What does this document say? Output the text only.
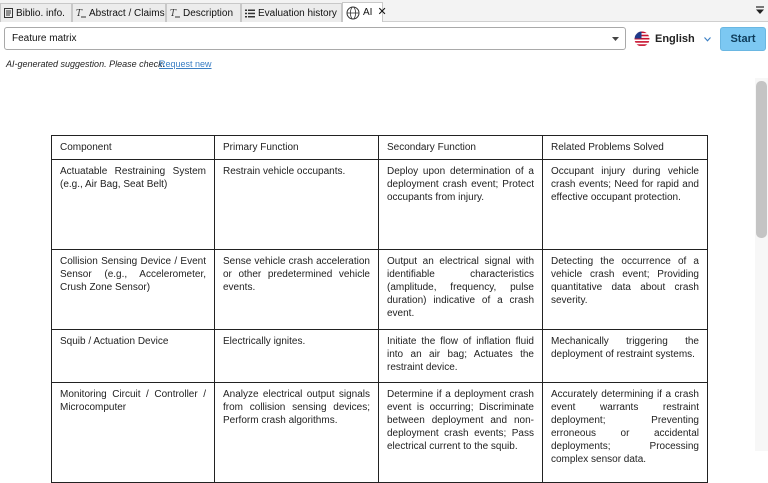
Biblio. info. T Abstract / Claims T Description Evaluation history	AI ✕
Feature matrix	English	Start
AI-generated suggestion. Please check.
Request new
Component	Primary Function	Secondary Function	Related Problems Solved
Actuatable Restraining System (e.g., Air Bag, Seat Belt)	Restrain vehicle occupants.	Deploy upon determination of a deployment crash event; Protect occupants from injury.	Occupant injury during vehicle crash events; Need for rapid and effective occupant protection.
Collision Sensing Device / Event Sensor (e.g., Accelerometer, Crush Zone Sensor)	Sense vehicle crash acceleration or other predetermined vehicle events.	Output an electrical signal with identifiable characteristics (amplitude, frequency, pulse duration) indicative of a crash event.	Detecting the occurrence of a vehicle crash event; Providing quantitative data about crash severity.
Squib / Actuation Device	Electrically ignites.	Initiate the flow of inflation fluid into an air bag; Actuates the restraint device.	Mechanically triggering the deployment of restraint systems.
Monitoring Circuit / Controller / Microcomputer	Analyze electrical output signals from collision sensing devices; Perform crash algorithms.	Determine if a deployment crash event is occurring; Discriminate between deployment and non-deployment crash events; Pass electrical current to the squib.	Accurately determining if a crash event warrants restraint deployment; Preventing erroneous or accidental deployments; Processing complex sensor data.
